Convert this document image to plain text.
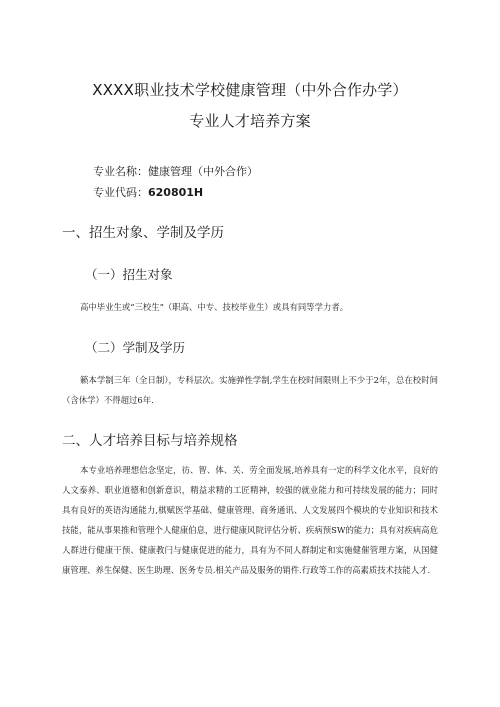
XXXX职业技术学校健康管理（中外合作办学）
专业人才培养方案
专业名称：健康管理（中外合作）
专业代码：620801H
一、招生对象、学制及学历
（一）招生对象
高中毕业生或“三校生”（职高、中专、技校毕业生）或具有同等学力者。
（二）学制及学历
籁本学制三年（全日制），专科层次。实施弹性学制,学生在校时间限则上不少于2年，总在校时间（含休学）不得超过6年.
二、人才培养目标与培养规格
本专业培养理想信念坚定，彷、智、体、关、劳全面发展,培养具有一定的科学文化水平，良好的人文泰养、职业道德和创新意识，精益求精的工匠精神，较强的就业能力和可持续发展的能力；同时具有良好的英语沟通能力,棋赋医学基础、健康管理、商务通讯、人文发展四个模块的专业知识和技术技能，能从事果推和管理个人健康伯息，进行健康风院评估分析、疾病预SW的能力；具有对疾病高危人群进行健康干预、健康教闩与健康促进的能力，具有为不同人群制定和实施健催管理方案，从国健康管理、养生保健、医生助理、医务专员.相关产品及服务的销件.行政等工作的高素质技术技能人才.
